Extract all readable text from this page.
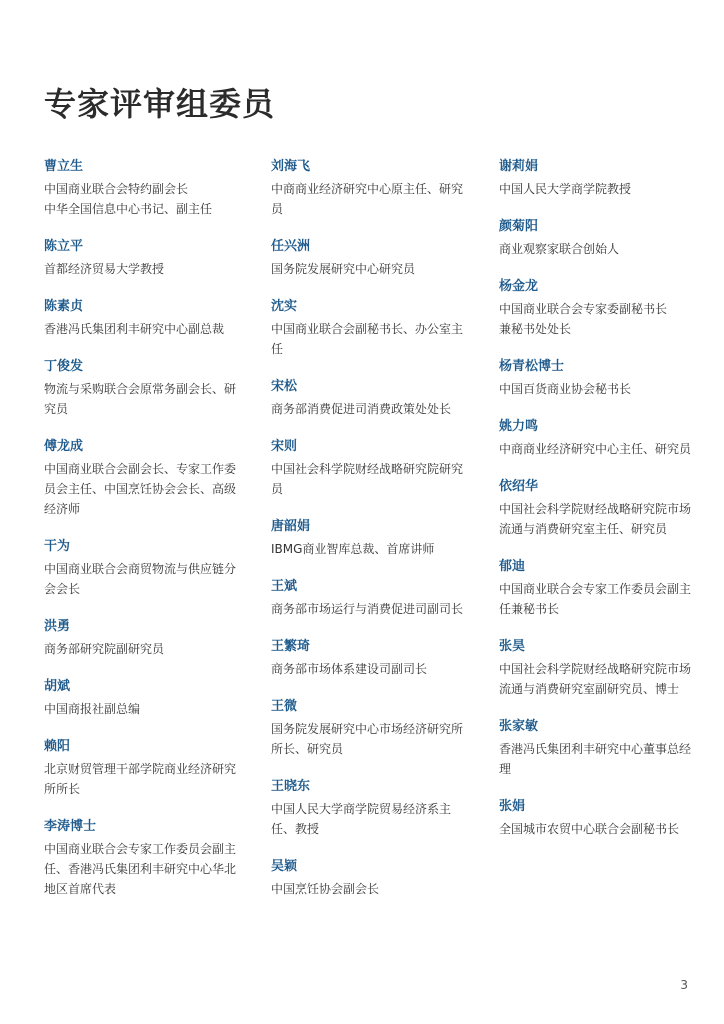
专家评审组委员
曹立生
中国商业联合会特约副会长
中华全国信息中心书记、副主任
陈立平
首都经济贸易大学教授
陈素贞
香港冯氏集团利丰研究中心副总裁
丁俊发
物流与采购联合会原常务副会长、研究员
傅龙成
中国商业联合会副会长、专家工作委员会主任、中国烹饪协会会长、高级经济师
干为
中国商业联合会商贸物流与供应链分会会长
洪勇
商务部研究院副研究员
胡斌
中国商报社副总编
赖阳
北京财贸管理干部学院商业经济研究所所长
李涛博士
中国商业联合会专家工作委员会副主任、香港冯氏集团利丰研究中心华北地区首席代表
刘海飞
中商商业经济研究中心原主任、研究员
任兴洲
国务院发展研究中心研究员
沈实
中国商业联合会副秘书长、办公室主任
宋松
商务部消费促进司消费政策处处长
宋则
中国社会科学院财经战略研究院研究员
唐韶娟
IBMG商业智库总裁、首席讲师
王斌
商务部市场运行与消费促进司副司长
王繁琦
商务部市场体系建设司副司长
王微
国务院发展研究中心市场经济研究所所长、研究员
王晓东
中国人民大学商学院贸易经济系主任、教授
吴颖
中国烹饪协会副会长
谢莉娟
中国人民大学商学院教授
颜菊阳
商业观察家联合创始人
杨金龙
中国商业联合会专家委副秘书长
兼秘书处处长
杨青松博士
中国百货商业协会秘书长
姚力鸣
中商商业经济研究中心主任、研究员
依绍华
中国社会科学院财经战略研究院市场流通与消费研究室主任、研究员
郁迪
中国商业联合会专家工作委员会副主任兼秘书长
张昊
中国社会科学院财经战略研究院市场流通与消费研究室副研究员、博士
张家敏
香港冯氏集团利丰研究中心董事总经理
张娟
全国城市农贸中心联合会副秘书长
3
